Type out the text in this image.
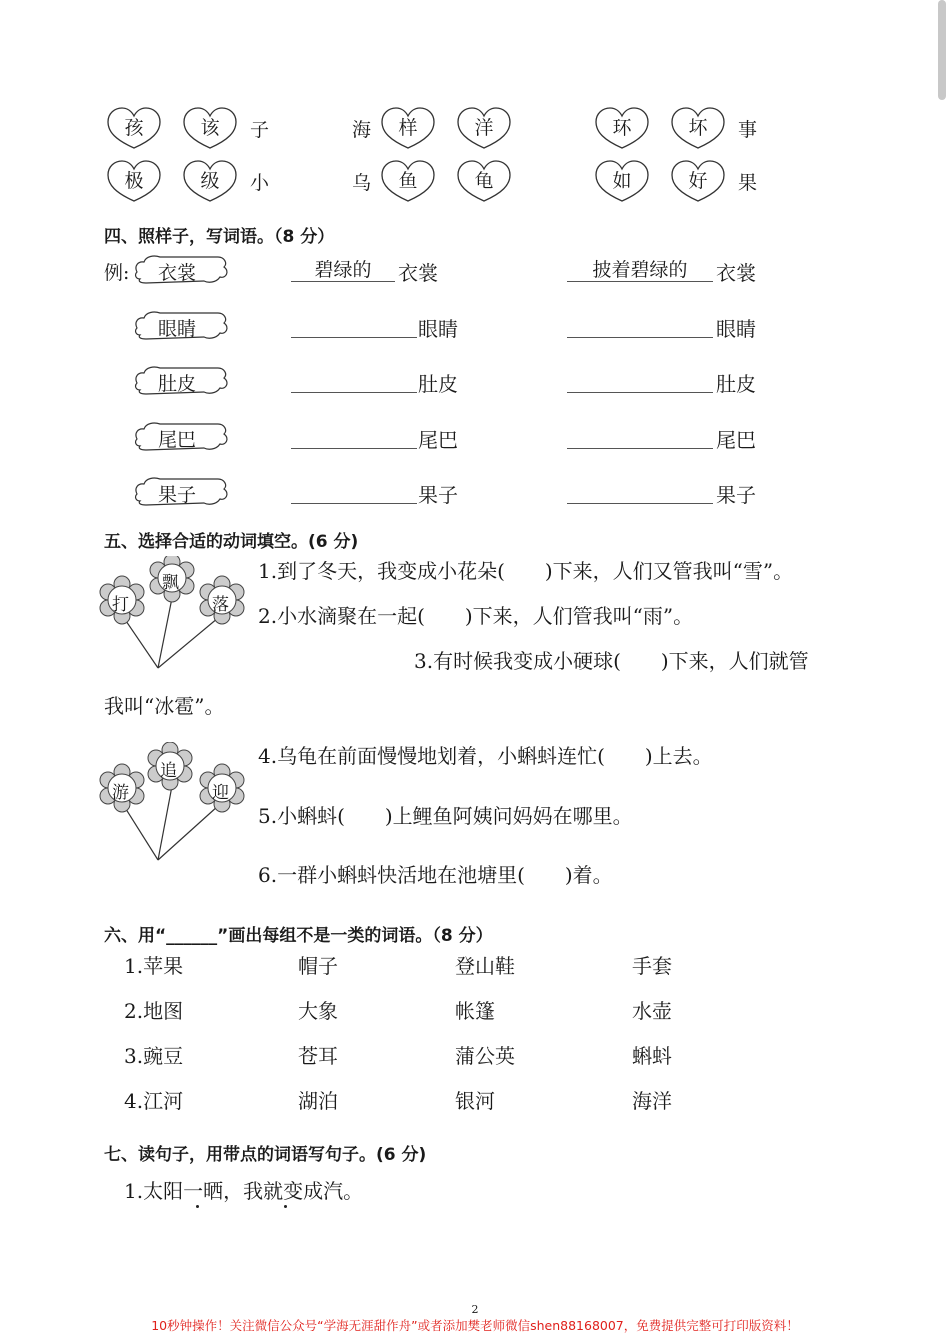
孩	该	子	海	样	洋	环	坏	事
极	级	小	乌	鱼	龟	如	好	果
四、照样子，写词语。（8 分）
例: 衣裳	碧绿的	衣裳	披着碧绿的	衣裳
眼睛	眼睛	眼睛
肚皮	肚皮	肚皮
尾巴	尾巴	尾巴
果子	果子	果子
五、选择合适的动词填空。(6 分)
打
飘
落
1.到了冬天，我变成小花朵(　　)下来，人们又管我叫“雪”。
2.小水滴聚在一起(　　)下来，人们管我叫“雨”。
3.有时候我变成小硬球(　　)下来，人们就管
我叫“冰雹”。
游
追
迎
4.乌龟在前面慢慢地划着，小蝌蚪连忙(　　)上去。
5.小蝌蚪(　　)上鲤鱼阿姨问妈妈在哪里。
6.一群小蝌蚪快活地在池塘里(　　)着。
六、用“______”画出每组不是一类的词语。（8 分）
1.苹果	帽子	登山鞋	手套
2.地图	大象	帐篷	水壶
3.豌豆	苍耳	蒲公英	蝌蚪
4.江河	湖泊	银河	海洋
七、读句子，用带点的词语写句子。(6 分)
1.太阳一晒，我就变成汽。
2
10秒钟操作！关注微信公众号“学海无涯甜作舟”或者添加樊老师微信shen88168007，免费提供完整可打印版资料！
